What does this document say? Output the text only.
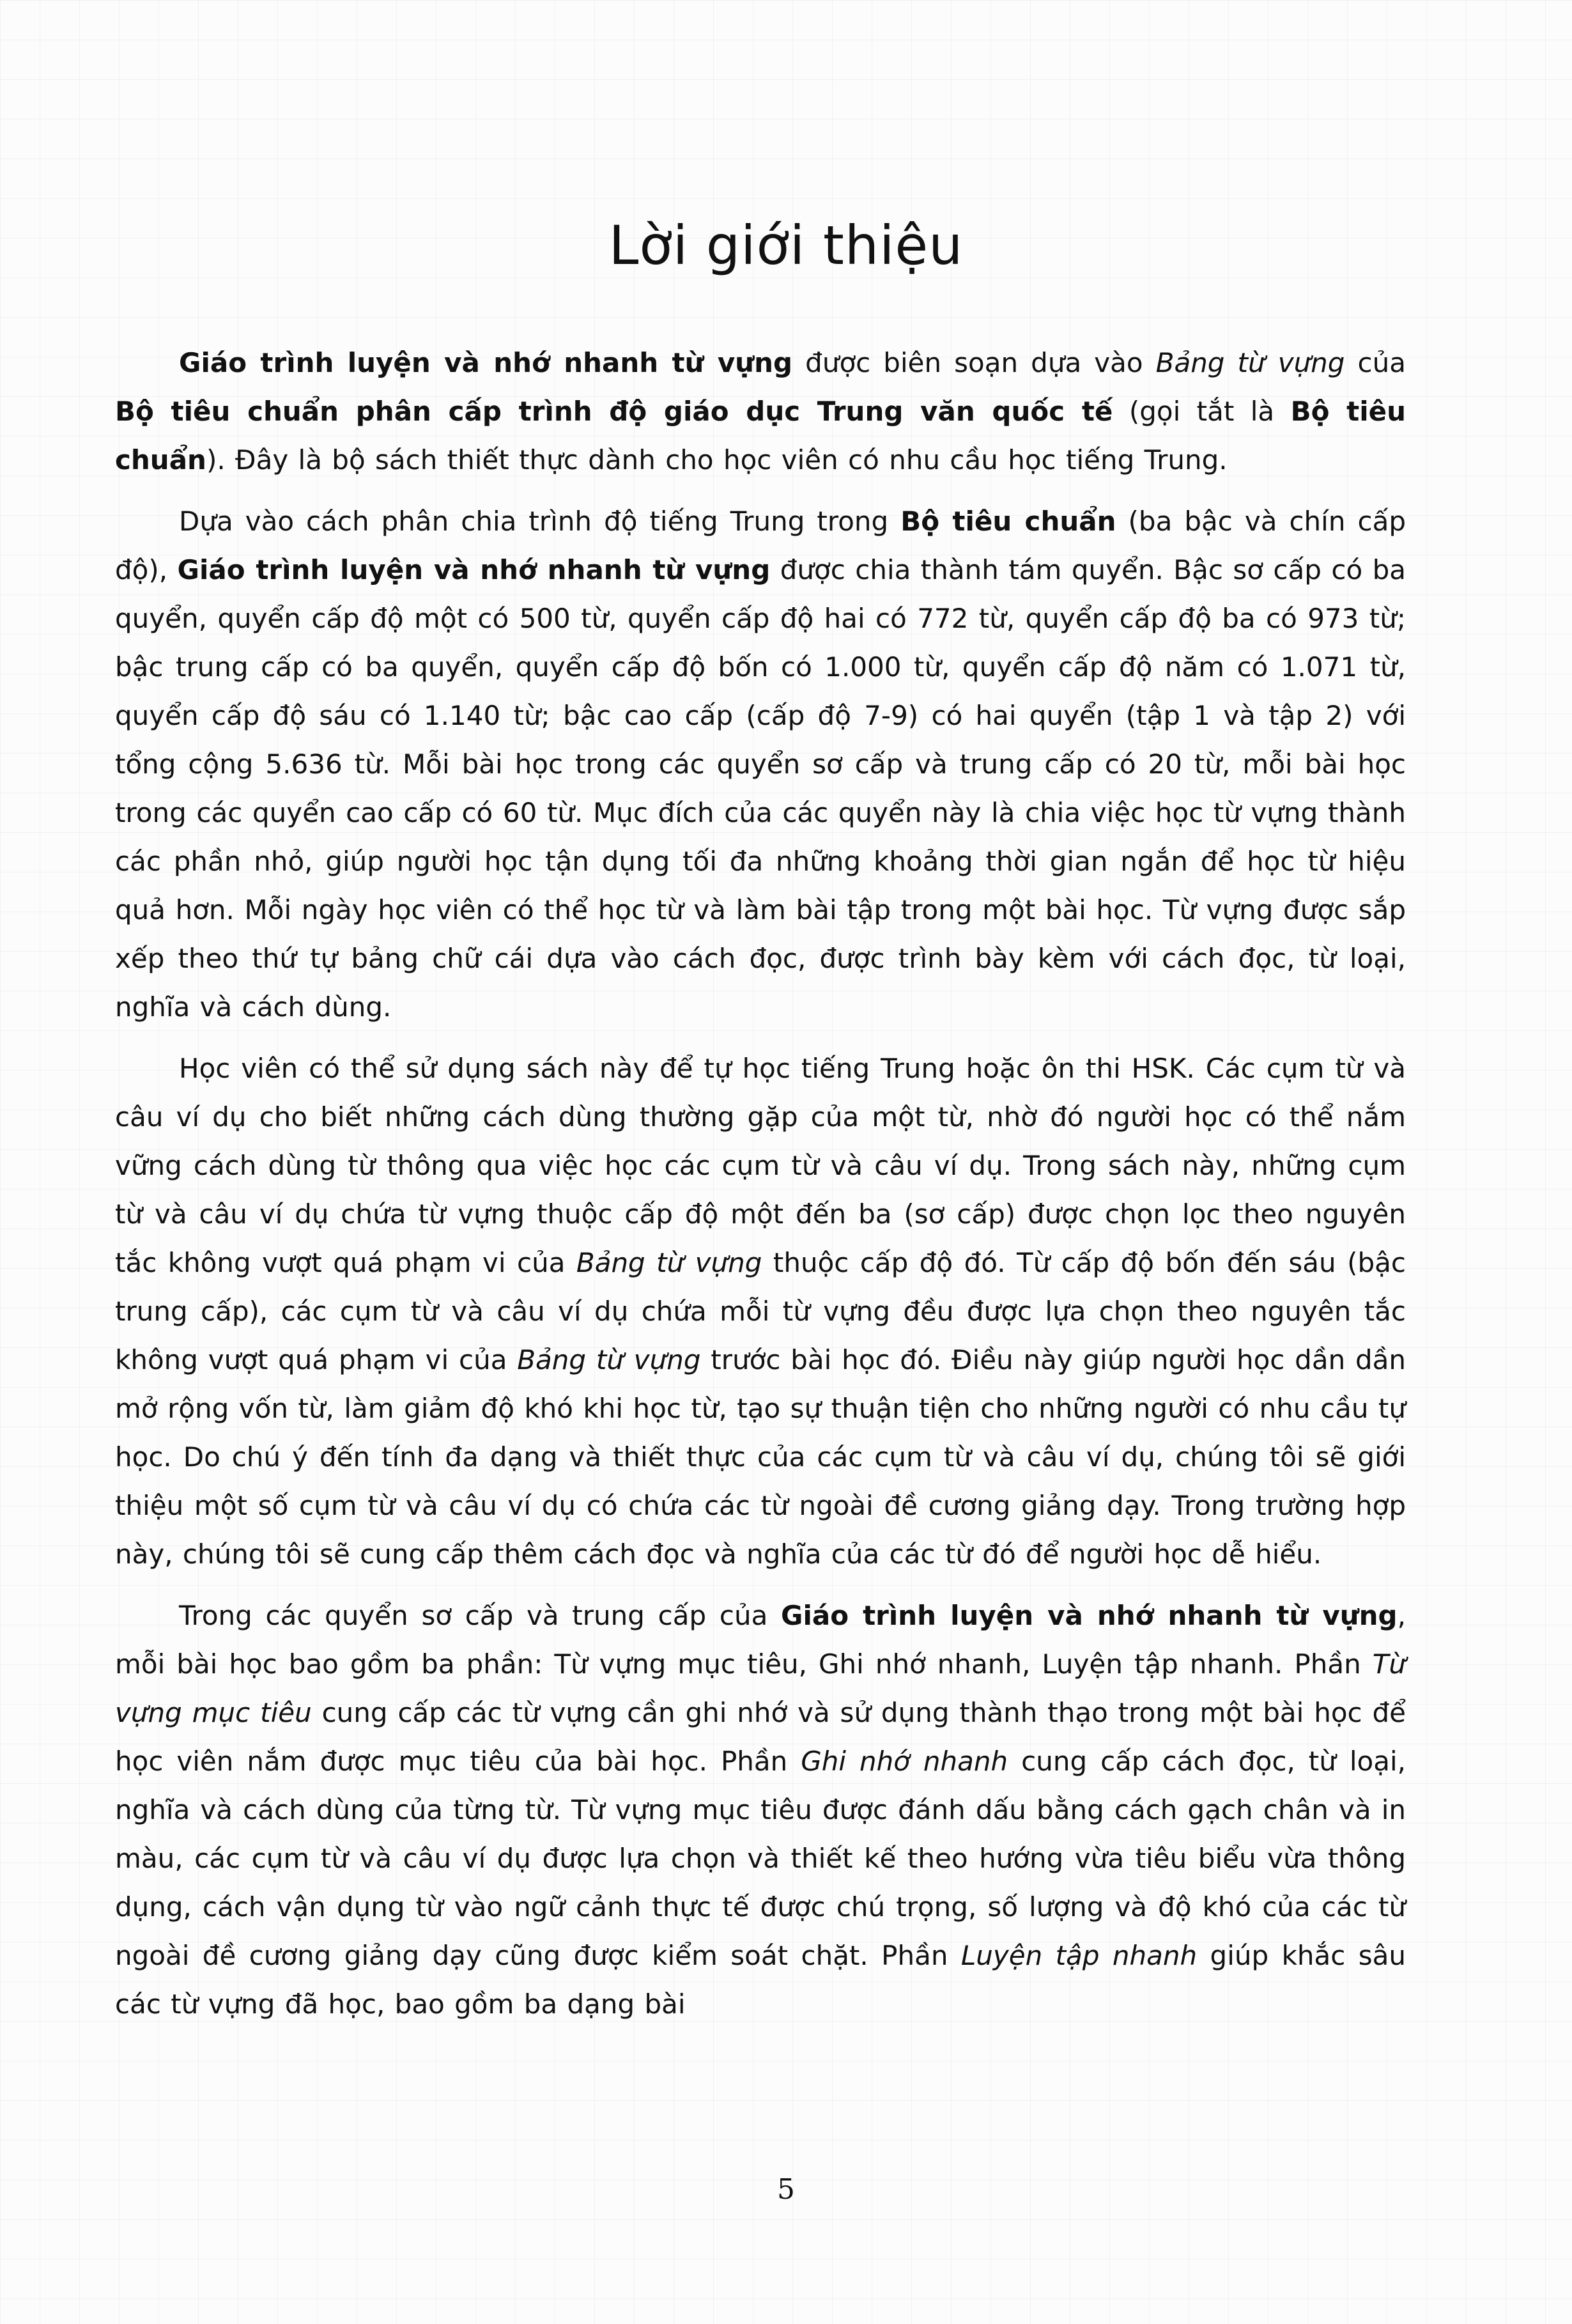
Lời giới thiệu

Giáo trình luyện và nhớ nhanh từ vựng được biên soạn dựa vào Bảng từ vựng của Bộ tiêu chuẩn phân cấp trình độ giáo dục Trung văn quốc tế (gọi tắt là Bộ tiêu chuẩn). Đây là bộ sách thiết thực dành cho học viên có nhu cầu học tiếng Trung.

Dựa vào cách phân chia trình độ tiếng Trung trong Bộ tiêu chuẩn (ba bậc và chín cấp độ), Giáo trình luyện và nhớ nhanh từ vựng được chia thành tám quyển. Bậc sơ cấp có ba quyển, quyển cấp độ một có 500 từ, quyển cấp độ hai có 772 từ, quyển cấp độ ba có 973 từ; bậc trung cấp có ba quyển, quyển cấp độ bốn có 1.000 từ, quyển cấp độ năm có 1.071 từ, quyển cấp độ sáu có 1.140 từ; bậc cao cấp (cấp độ 7-9) có hai quyển (tập 1 và tập 2) với tổng cộng 5.636 từ. Mỗi bài học trong các quyển sơ cấp và trung cấp có 20 từ, mỗi bài học trong các quyển cao cấp có 60 từ. Mục đích của các quyển này là chia việc học từ vựng thành các phần nhỏ, giúp người học tận dụng tối đa những khoảng thời gian ngắn để học từ hiệu quả hơn. Mỗi ngày học viên có thể học từ và làm bài tập trong một bài học. Từ vựng được sắp xếp theo thứ tự bảng chữ cái dựa vào cách đọc, được trình bày kèm với cách đọc, từ loại, nghĩa và cách dùng.

Học viên có thể sử dụng sách này để tự học tiếng Trung hoặc ôn thi HSK. Các cụm từ và câu ví dụ cho biết những cách dùng thường gặp của một từ, nhờ đó người học có thể nắm vững cách dùng từ thông qua việc học các cụm từ và câu ví dụ. Trong sách này, những cụm từ và câu ví dụ chứa từ vựng thuộc cấp độ một đến ba (sơ cấp) được chọn lọc theo nguyên tắc không vượt quá phạm vi của Bảng từ vựng thuộc cấp độ đó. Từ cấp độ bốn đến sáu (bậc trung cấp), các cụm từ và câu ví dụ chứa mỗi từ vựng đều được lựa chọn theo nguyên tắc không vượt quá phạm vi của Bảng từ vựng trước bài học đó. Điều này giúp người học dần dần mở rộng vốn từ, làm giảm độ khó khi học từ, tạo sự thuận tiện cho những người có nhu cầu tự học. Do chú ý đến tính đa dạng và thiết thực của các cụm từ và câu ví dụ, chúng tôi sẽ giới thiệu một số cụm từ và câu ví dụ có chứa các từ ngoài đề cương giảng dạy. Trong trường hợp này, chúng tôi sẽ cung cấp thêm cách đọc và nghĩa của các từ đó để người học dễ hiểu.

Trong các quyển sơ cấp và trung cấp của Giáo trình luyện và nhớ nhanh từ vựng, mỗi bài học bao gồm ba phần: Từ vựng mục tiêu, Ghi nhớ nhanh, Luyện tập nhanh. Phần Từ vựng mục tiêu cung cấp các từ vựng cần ghi nhớ và sử dụng thành thạo trong một bài học để học viên nắm được mục tiêu của bài học. Phần Ghi nhớ nhanh cung cấp cách đọc, từ loại, nghĩa và cách dùng của từng từ. Từ vựng mục tiêu được đánh dấu bằng cách gạch chân và in màu, các cụm từ và câu ví dụ được lựa chọn và thiết kế theo hướng vừa tiêu biểu vừa thông dụng, cách vận dụng từ vào ngữ cảnh thực tế được chú trọng, số lượng và độ khó của các từ ngoài đề cương giảng dạy cũng được kiểm soát chặt. Phần Luyện tập nhanh giúp khắc sâu các từ vựng đã học, bao gồm ba dạng bài

5
